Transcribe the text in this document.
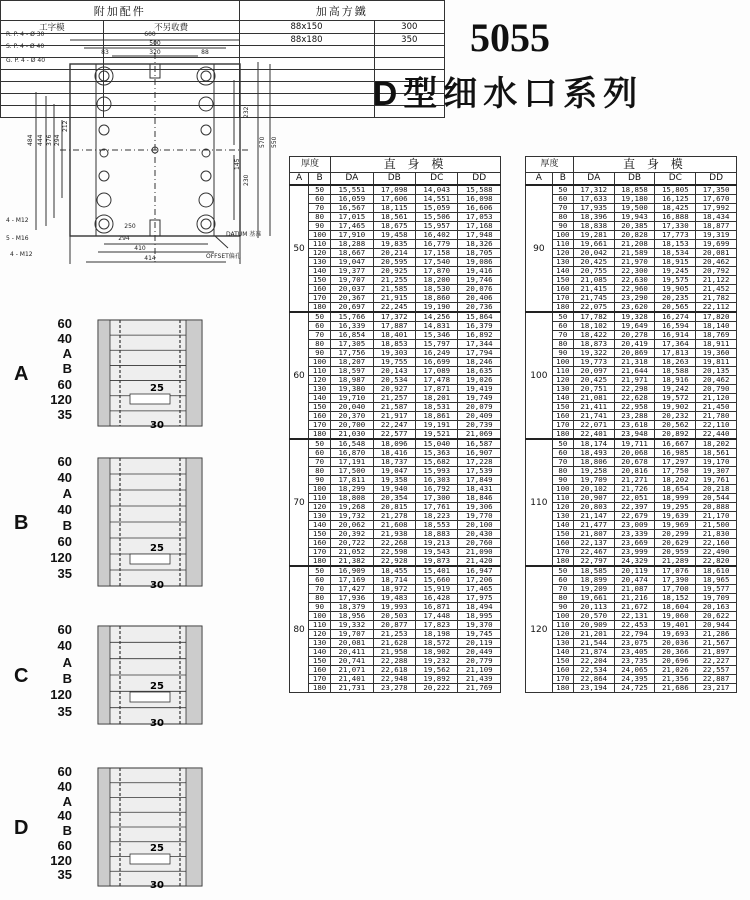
5055
D型细水口系列
600
500
320
83	88
R. P. 4 - Ø 30
S. P. 4 - Ø 40
G. P. 4 - Ø 40
484 444 376 294
212
232
230
145
570 550
4 - M12
5 - M16
4 - M12
DATUM 基准
OFFSET偏孔
250
294
410
414
A
60
40
A
B
60
120
35
25
30
B
60
40
A
40
B
60
120
35
25
30
C
60
40
A
B
120
35
25
30
D
60
40
A
40
B
60
120
35
25
30
厚度		直 身 模			
A	B	DA	DB	DC	DD
50	50	15,551	17,098	14,043	15,588
	60	16,059	17,606	14,551	16,098
	70	16,567	18,115	15,059	16,606
	80	17,015	18,561	15,506	17,053
	90	17,465	18,675	15,957	17,168
	100	17,910	19,458	16,402	17,948
	110	18,288	19,835	16,779	18,326
	120	18,667	20,214	17,158	18,705
	130	19,047	20,595	17,540	19,086
	140	19,377	20,925	17,870	19,416
	150	19,707	21,255	18,200	19,746
	160	20,037	21,585	18,530	20,076
	170	20,367	21,915	18,860	20,406
	180	20,697	22,245	19,190	20,736
60	50	15,766	17,372	14,256	15,864
	60	16,339	17,887	14,831	16,379
	70	16,854	18,401	15,346	16,892
	80	17,305	18,853	15,797	17,344
	90	17,756	19,303	16,249	17,794
	100	18,207	19,755	16,699	18,246
	110	18,597	20,143	17,089	18,635
	120	18,987	20,534	17,478	19,026
	130	19,380	20,927	17,871	19,419
	140	19,710	21,257	18,201	19,749
	150	20,040	21,587	18,531	20,079
	160	20,370	21,917	18,861	20,409
	170	20,700	22,247	19,191	20,739
	180	21,030	22,577	19,521	21,069
70	50	16,548	18,096	15,040	16,587
	60	16,870	18,416	15,363	16,907
	70	17,191	18,737	15,682	17,228
	80	17,500	19,047	15,993	17,539
	90	17,811	19,358	16,303	17,849
	100	18,299	19,940	16,792	18,431
	110	18,808	20,354	17,300	18,846
	120	19,268	20,815	17,761	19,306
	130	19,732	21,278	18,223	19,770
	140	20,062	21,608	18,553	20,100
	150	20,392	21,938	18,883	20,430
	160	20,722	22,268	19,213	20,760
	170	21,052	22,598	19,543	21,090
	180	21,382	22,928	19,873	21,420
80	50	16,909	18,455	15,401	16,947
	60	17,169	18,714	15,660	17,206
	70	17,427	18,972	15,919	17,465
	80	17,936	19,483	16,428	17,975
	90	18,379	19,993	16,871	18,494
	100	18,956	20,503	17,448	18,995
	110	19,332	20,877	17,823	19,370
	120	19,707	21,253	18,198	19,745
	130	20,081	21,628	18,572	20,119
	140	20,411	21,958	18,902	20,449
	150	20,741	22,288	19,232	20,779
	160	21,071	22,618	19,562	21,109
	170	21,401	22,948	19,892	21,439
	180	21,731	23,278	20,222	21,769
厚度		直 身 模			
A	B	DA	DB	DC	DD
90	50	17,312	18,858	15,805	17,350
	60	17,633	19,180	16,125	17,670
	70	17,935	19,500	18,425	17,992
	80	18,396	19,943	16,888	18,434
	90	18,838	20,385	17,330	18,877
	100	19,281	20,828	17,773	19,319
	110	19,661	21,208	18,153	19,699
	120	20,042	21,589	18,534	20,081
	130	20,425	21,970	18,915	20,462
	140	20,755	22,300	19,245	20,792
	150	21,085	22,630	19,575	21,122
	160	21,415	22,960	19,905	21,452
	170	21,745	23,290	20,235	21,782
	180	22,075	23,620	20,565	22,112
100	50	17,782	19,328	16,274	17,820
	60	18,102	19,649	16,594	18,140
	70	18,422	20,278	16,914	18,769
	80	18,873	20,419	17,364	18,911
	90	19,322	20,869	17,813	19,360
	100	19,773	21,318	18,263	19,811
	110	20,097	21,644	18,588	20,135
	120	20,425	21,971	18,916	20,462
	130	20,751	22,298	19,242	20,790
	140	21,081	22,628	19,572	21,120
	150	21,411	22,958	19,902	21,450
	160	21,741	23,288	20,232	21,780
	170	22,071	23,618	20,562	22,110
	180	22,401	23,948	20,892	22,440
110	50	18,174	19,711	16,667	18,202
	60	18,493	20,068	16,985	18,561
	70	18,806	20,678	17,297	19,170
	80	19,258	20,816	17,750	19,307
	90	19,709	21,271	18,202	19,761
	100	20,102	21,726	18,654	20,218
	110	20,907	22,051	18,999	20,544
	120	20,803	22,397	19,295	20,888
	130	21,147	22,679	19,639	21,170
	140	21,477	23,009	19,969	21,500
	150	21,807	23,339	20,299	21,830
	160	22,137	23,669	20,629	22,160
	170	22,467	23,999	20,959	22,490
	180	22,797	24,329	21,289	22,820
120	50	18,585	20,119	17,076	18,610
	60	18,899	20,474	17,390	18,965
	70	19,209	21,087	17,700	19,577
	80	19,661	21,216	18,152	19,709
	90	20,113	21,672	18,604	20,163
	100	20,570	22,131	19,060	20,622
	110	20,909	22,453	19,401	20,944
	120	21,201	22,794	19,693	21,286
	130	21,544	23,075	20,036	21,567
	140	21,874	23,405	20,366	21,897
	150	22,204	23,735	20,696	22,227
	160	22,534	24,065	21,026	22,557
	170	22,864	24,395	21,356	22,887
	180	23,194	24,725	21,686	23,217
附加配件		加高方鐵	
工字模	不另收費	88x150	300
		88x180	350
